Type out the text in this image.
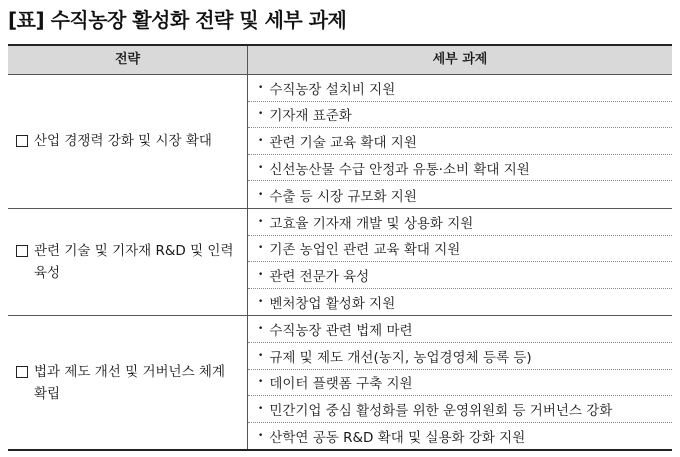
[표] 수직농장 활성화 전략 및 세부 과제
전략	세부 과제
산업 경쟁력 강화 및 시장 확대
• 수직농장 설치비 지원
• 기자재 표준화
• 관련 기술 교육 확대 지원
• 신선농산물 수급 안정과 유통·소비 확대 지원
• 수출 등 시장 규모화 지원
관련 기술 및 기자재 R&D 및 인력 육성
• 고효율 기자재 개발 및 상용화 지원
• 기존 농업인 관련 교육 확대 지원
• 관련 전문가 육성
• 벤처창업 활성화 지원
법과 제도 개선 및 거버넌스 체계 확립
• 수직농장 관련 법제 마련
• 규제 및 제도 개선(농지, 농업경영체 등록 등)
• 데이터 플랫폼 구축 지원
• 민간기업 중심 활성화를 위한 운영위원회 등 거버넌스 강화
• 산학연 공동 R&D 확대 및 실용화 강화 지원
